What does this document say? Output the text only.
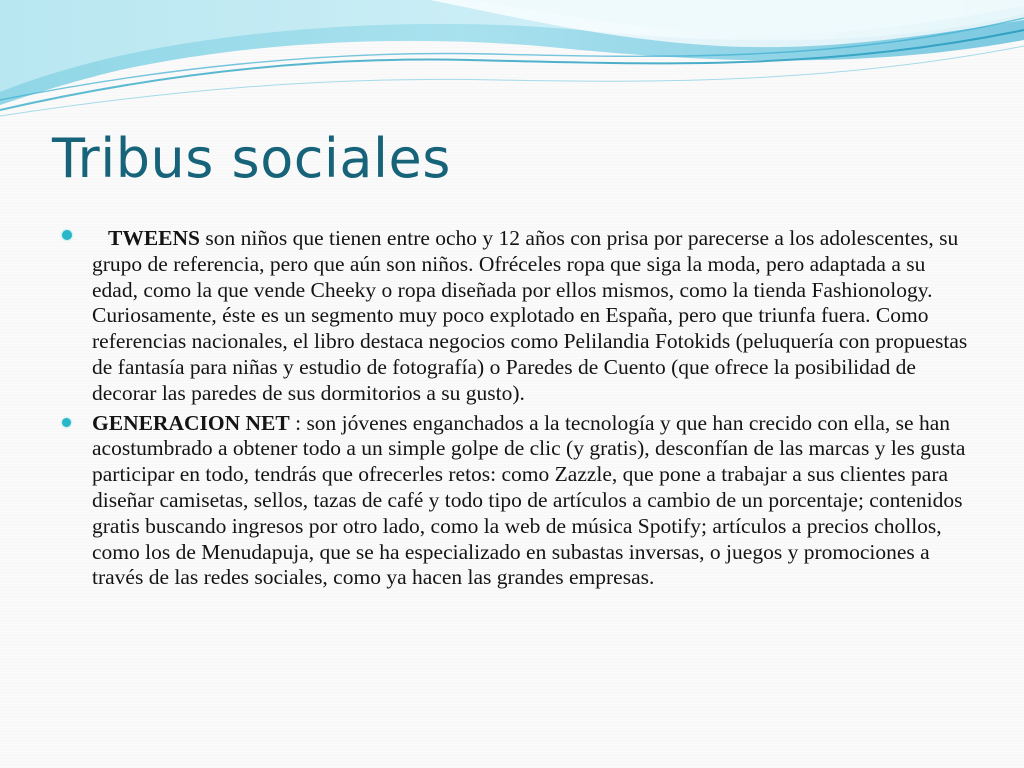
Tribus sociales
TWEENS son niños que tienen entre ocho y 12 años con prisa por parecerse a los adolescentes, su grupo de referencia, pero que aún son niños. Ofréceles ropa que siga la moda, pero adaptada a su edad, como la que vende Cheeky o ropa diseñada por ellos mismos, como la tienda Fashionology. Curiosamente, éste es un segmento muy poco explotado en España, pero que triunfa fuera. Como referencias nacionales, el libro destaca negocios como Pelilandia Fotokids (peluquería con propuestas de fantasía para niñas y estudio de fotografía) o Paredes de Cuento (que ofrece la posibilidad de decorar las paredes de sus dormitorios a su gusto).
GENERACION NET : son jóvenes enganchados a la tecnología y que han crecido con ella, se han acostumbrado a obtener todo a un simple golpe de clic (y gratis), desconfían de las marcas y les gusta participar en todo, tendrás que ofrecerles retos: como Zazzle, que pone a trabajar a sus clientes para diseñar camisetas, sellos, tazas de café y todo tipo de artículos a cambio de un porcentaje; contenidos gratis buscando ingresos por otro lado, como la web de música Spotify; artículos a precios chollos, como los de Menudapuja, que se ha especializado en subastas inversas, o juegos y promociones a través de las redes sociales, como ya hacen las grandes empresas.
